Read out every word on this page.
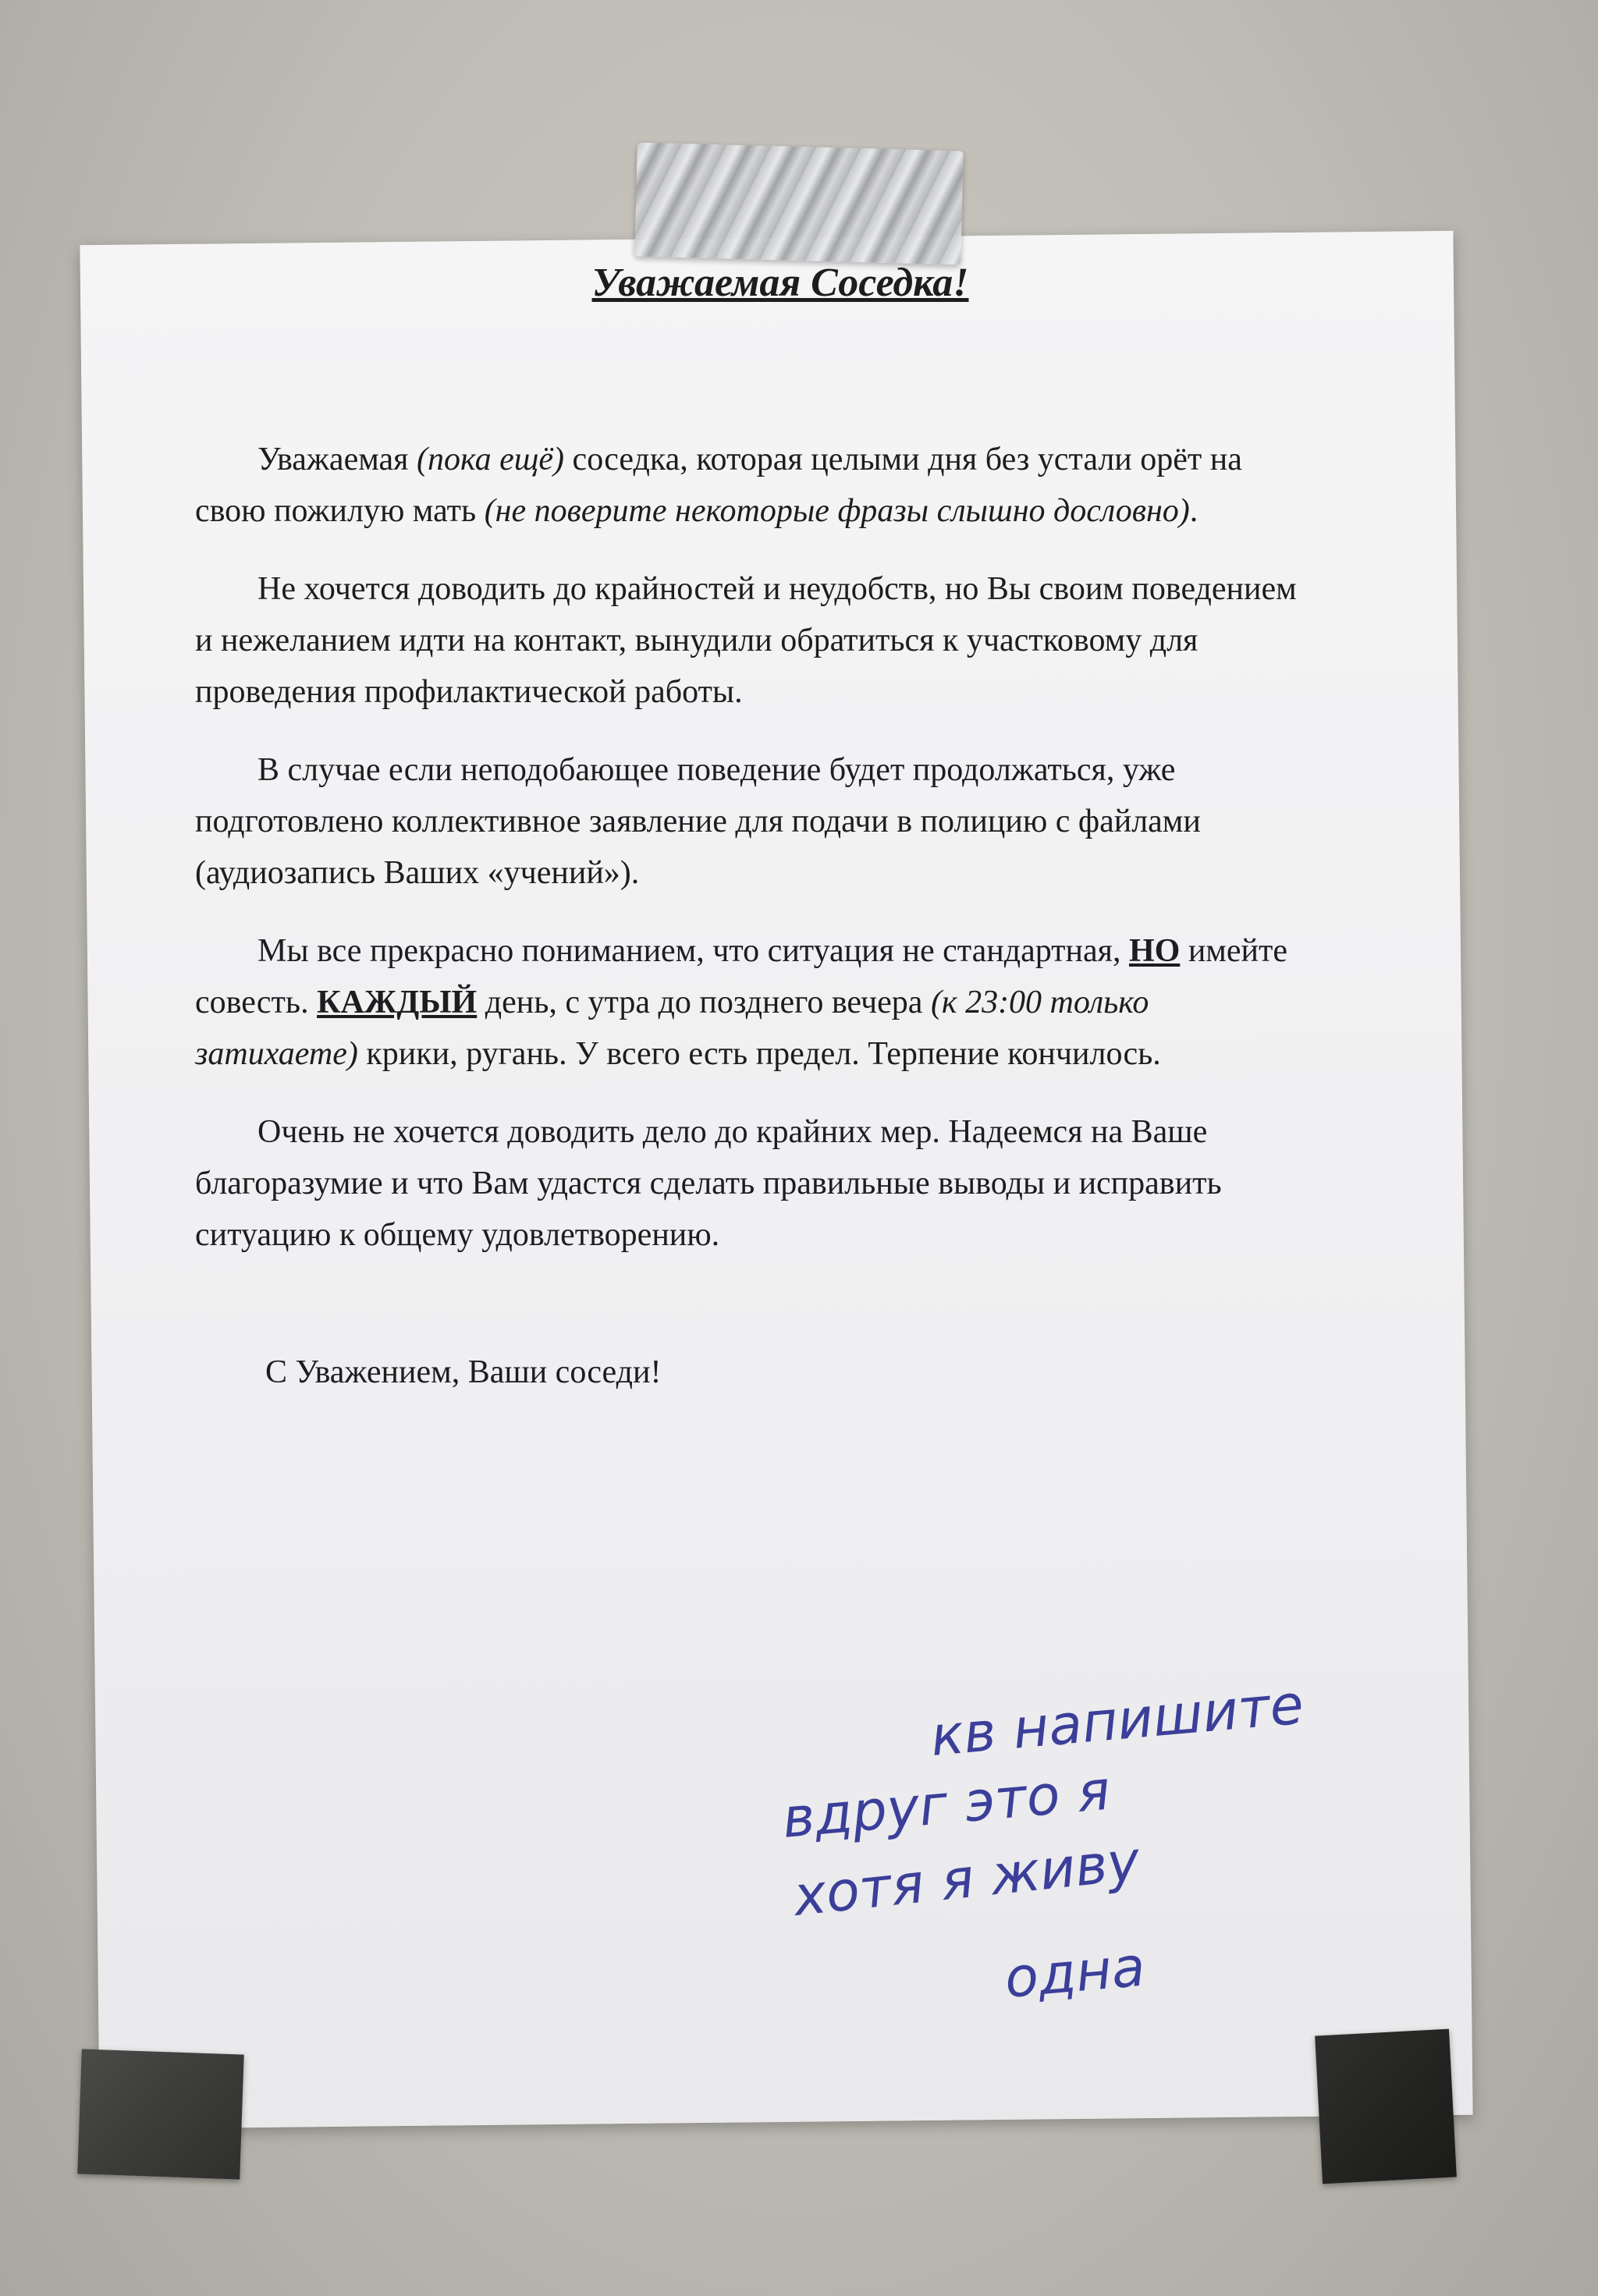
Уважаемая Соседка!

Уважаемая (пока ещё) соседка, которая целыми дня без устали орёт на свою пожилую мать (не поверите некоторые фразы слышно дословно).

Не хочется доводить до крайностей и неудобств, но Вы своим поведением и нежеланием идти на контакт, вынудили обратиться к участковому для проведения профилактической работы.

В случае если неподобающее поведение будет продолжаться, уже подготовлено коллективное заявление для подачи в полицию с файлами (аудиозапись Ваших «учений»).

Мы все прекрасно пониманием, что ситуация не стандартная, НО имейте совесть. КАЖДЫЙ день, с утра до позднего вечера (к 23:00 только затихаете) крики, ругань. У всего есть предел. Терпение кончилось.

Очень не хочется доводить дело до крайних мер. Надеемся на Ваше благоразумие и что Вам удастся сделать правильные выводы и исправить ситуацию к общему удовлетворению.

С Уважением, Ваши соседи!
кв напишите
вдруг это я
хотя я живу
одна
